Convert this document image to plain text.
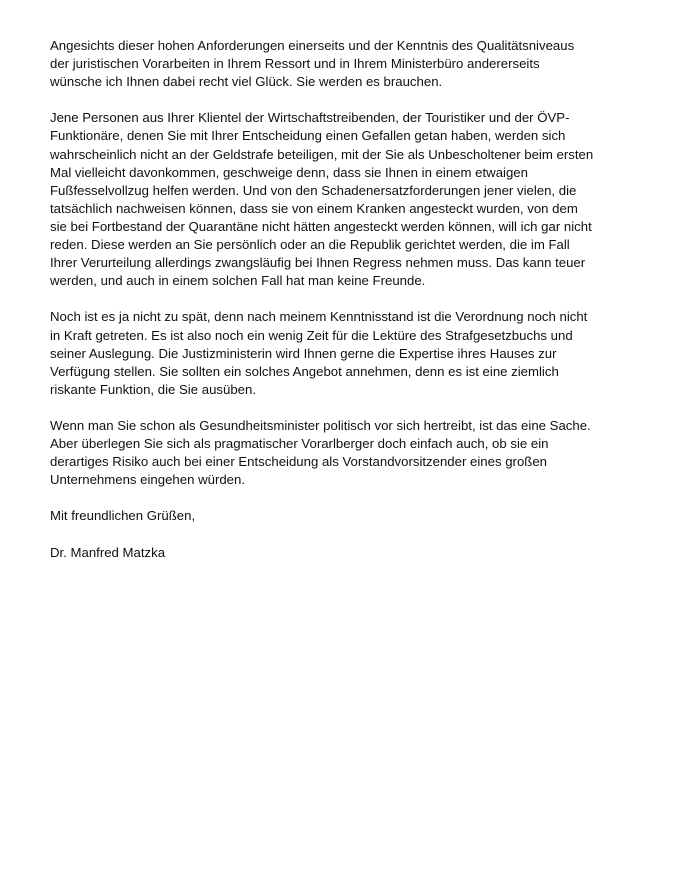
Angesichts dieser hohen Anforderungen einerseits und der Kenntnis des Qualitätsniveaus
der juristischen Vorarbeiten in Ihrem Ressort und in Ihrem Ministerbüro andererseits
wünsche ich Ihnen dabei recht viel Glück. Sie werden es brauchen.
Jene Personen aus Ihrer Klientel der Wirtschaftstreibenden, der Touristiker und der ÖVP-
Funktionäre, denen Sie mit Ihrer Entscheidung einen Gefallen getan haben, werden sich
wahrscheinlich nicht an der Geldstrafe beteiligen, mit der Sie als Unbescholtener beim ersten
Mal vielleicht davonkommen, geschweige denn, dass sie Ihnen in einem etwaigen
Fußfesselvollzug helfen werden. Und von den Schadenersatzforderungen jener vielen, die
tatsächlich nachweisen können, dass sie von einem Kranken angesteckt wurden, von dem
sie bei Fortbestand der Quarantäne nicht hätten angesteckt werden können, will ich gar nicht
reden. Diese werden an Sie persönlich oder an die Republik gerichtet werden, die im Fall
Ihrer Verurteilung allerdings zwangsläufig bei Ihnen Regress nehmen muss. Das kann teuer
werden, und auch in einem solchen Fall hat man keine Freunde.
Noch ist es ja nicht zu spät, denn nach meinem Kenntnisstand ist die Verordnung noch nicht
in Kraft getreten. Es ist also noch ein wenig Zeit für die Lektüre des Strafgesetzbuchs und
seiner Auslegung. Die Justizministerin wird Ihnen gerne die Expertise ihres Hauses zur
Verfügung stellen. Sie sollten ein solches Angebot annehmen, denn es ist eine ziemlich
riskante Funktion, die Sie ausüben.
Wenn man Sie schon als Gesundheitsminister politisch vor sich hertreibt, ist das eine Sache.
Aber überlegen Sie sich als pragmatischer Vorarlberger doch einfach auch, ob sie ein
derartiges Risiko auch bei einer Entscheidung als Vorstandvorsitzender eines großen
Unternehmens eingehen würden.
Mit freundlichen Grüßen,
Dr. Manfred Matzka
